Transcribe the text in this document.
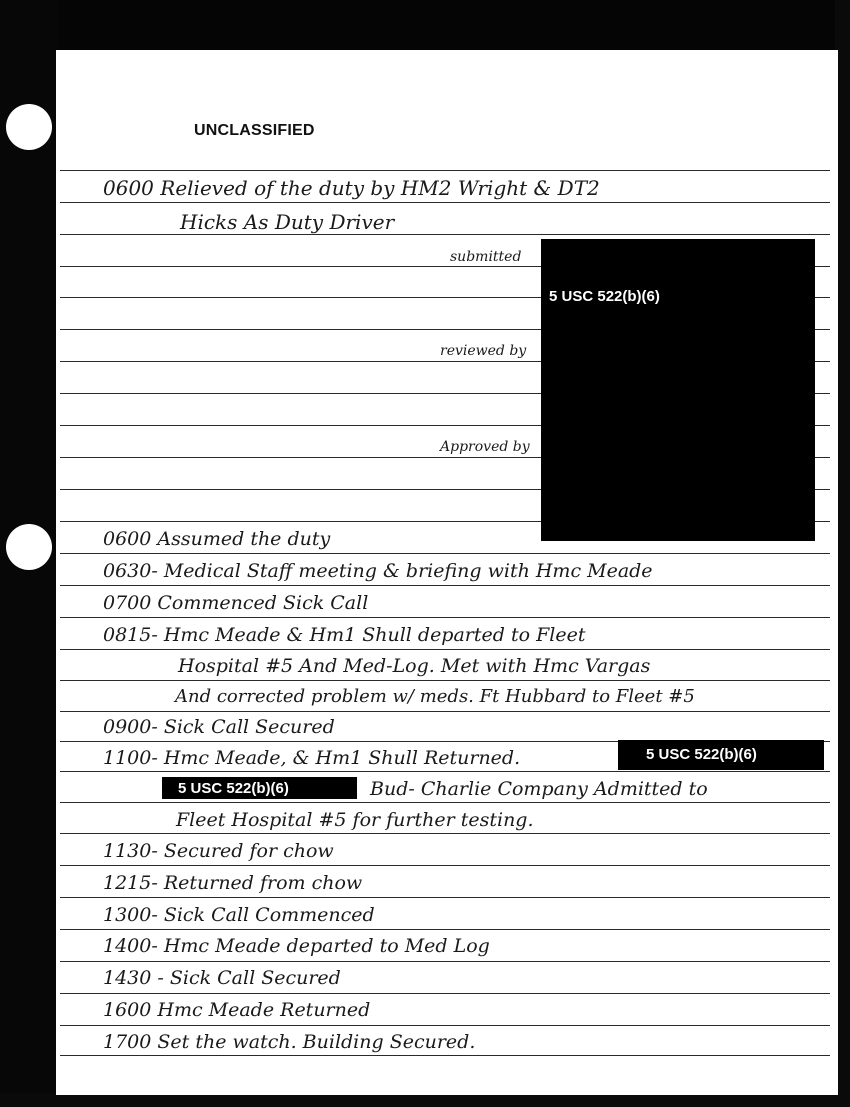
UNCLASSIFIED
0600 Relieved of the duty by HM2 Wright & DT2
Hicks As Duty Driver
submitted
reviewed by
Approved by
5 USC 522(b)(6)
0600 Assumed the duty
0630- Medical Staff meeting & briefing with Hmc Meade
0700 Commenced Sick Call
0815- Hmc Meade & Hm1 Shull departed to Fleet
Hospital #5 And Med-Log. Met with Hmc Vargas
And corrected problem w/ meds. Ft Hubbard to Fleet #5
0900- Sick Call Secured
1100- Hmc Meade, & Hm1 Shull Returned.	5 USC 522(b)(6)
5 USC 522(b)(6)	Bud- Charlie Company Admitted to
Fleet Hospital #5 for further testing.
1130- Secured for chow
1215- Returned from chow
1300- Sick Call Commenced
1400- Hmc Meade departed to Med Log
1430 - Sick Call Secured
1600 Hmc Meade Returned
1700 Set the watch. Building Secured.
